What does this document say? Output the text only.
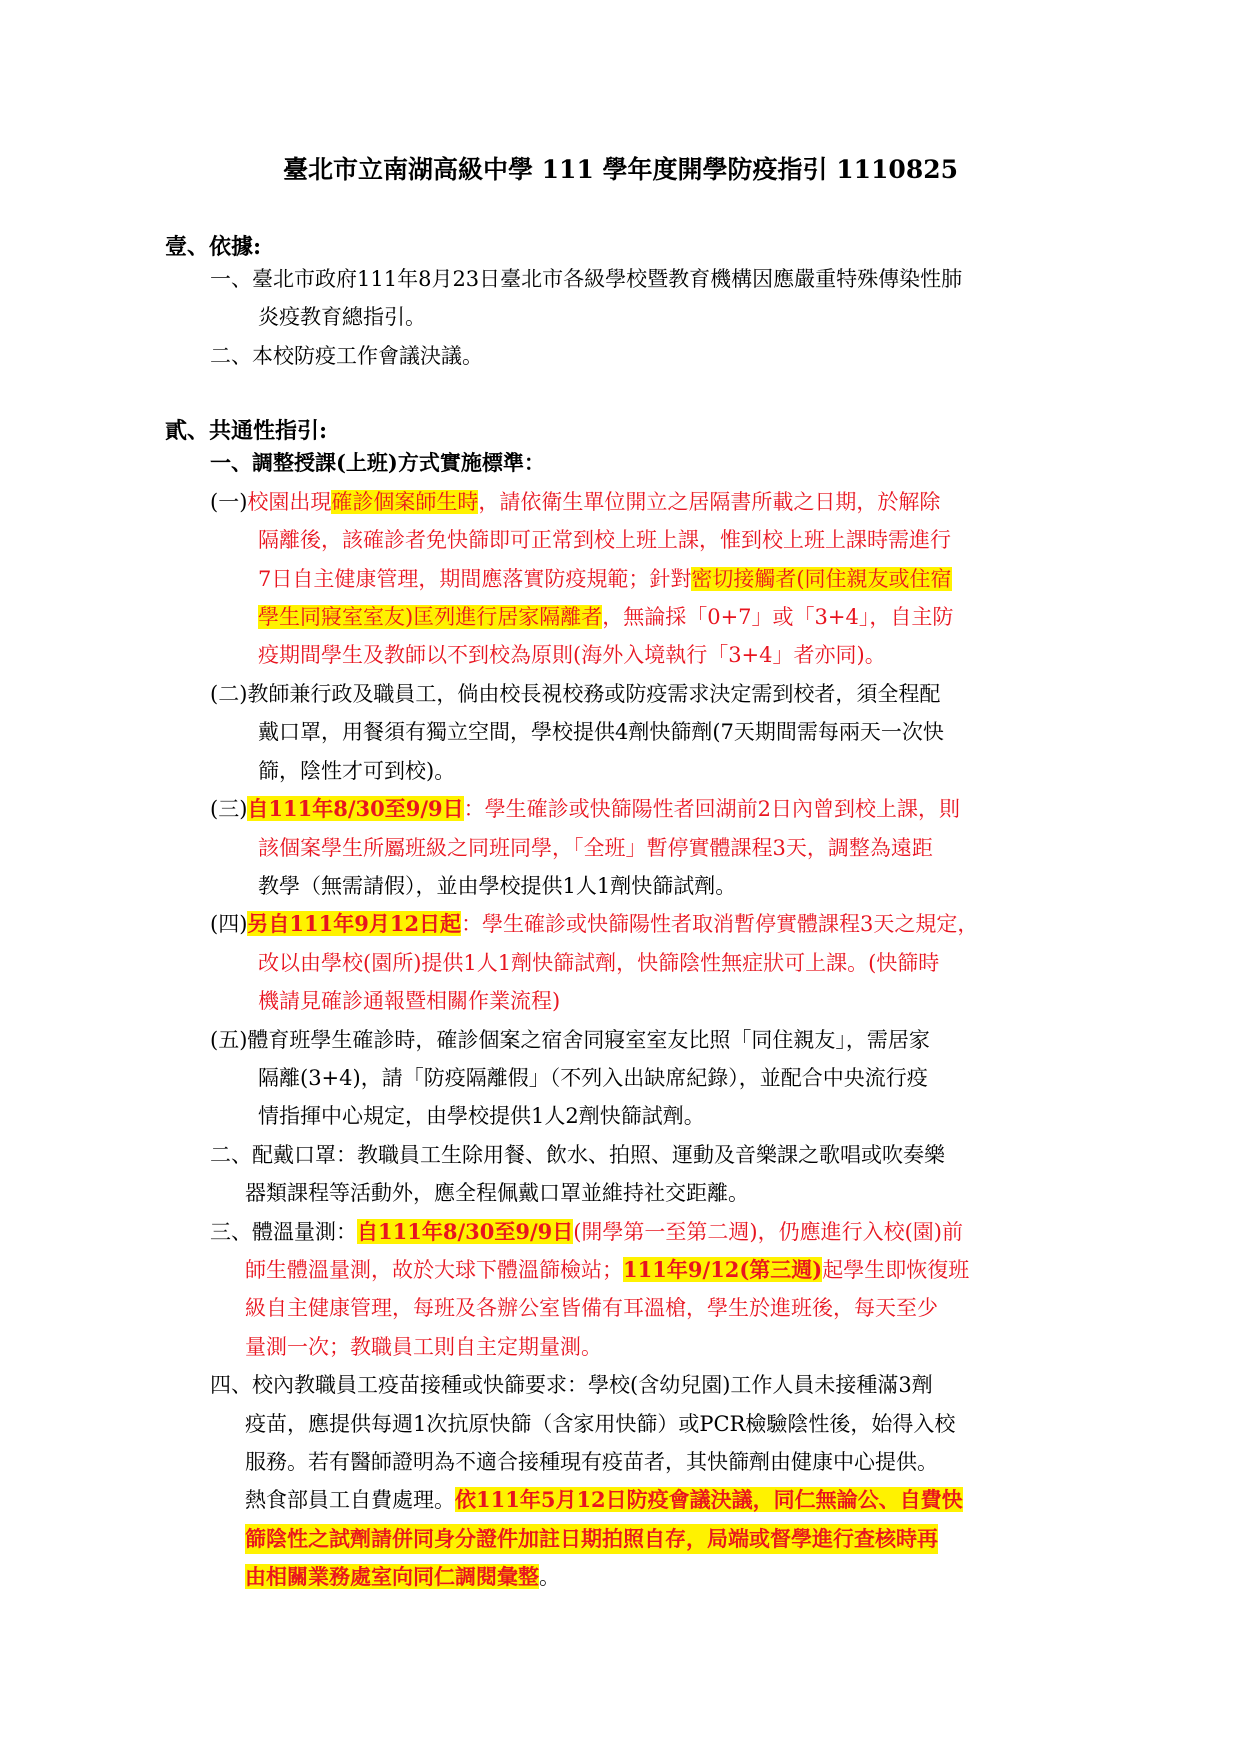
臺北市立南湖高級中學 111 學年度開學防疫指引 1110825
壹、依據:
一、臺北市政府111年8月23日臺北市各級學校暨教育機構因應嚴重特殊傳染性肺
炎疫教育總指引。
二、本校防疫工作會議決議。
貳、共通性指引:
一、調整授課(上班)方式實施標準：
(一)校園出現確診個案師生時，請依衛生單位開立之居隔書所載之日期，於解除
隔離後，該確診者免快篩即可正常到校上班上課，惟到校上班上課時需進行
7日自主健康管理，期間應落實防疫規範；針對密切接觸者(同住親友或住宿
學生同寢室室友)匡列進行居家隔離者，無論採「0+7」或「3+4」，自主防
疫期間學生及教師以不到校為原則(海外入境執行「3+4」者亦同)。
(二)教師兼行政及職員工，倘由校長視校務或防疫需求決定需到校者，須全程配
戴口罩，用餐須有獨立空間，學校提供4劑快篩劑(7天期間需每兩天一次快
篩，陰性才可到校)。
(三)自111年8/30至9/9日：學生確診或快篩陽性者回湖前2日內曾到校上課，則
該個案學生所屬班級之同班同學，「全班」暫停實體課程3天，調整為遠距
教學（無需請假），並由學校提供1人1劑快篩試劑。
(四)另自111年9月12日起：學生確診或快篩陽性者取消暫停實體課程3天之規定，
改以由學校(園所)提供1人1劑快篩試劑，快篩陰性無症狀可上課。(快篩時
機請見確診通報暨相關作業流程)
(五)體育班學生確診時，確診個案之宿舍同寢室室友比照「同住親友」，需居家
隔離(3+4)，請「防疫隔離假」（不列入出缺席紀錄），並配合中央流行疫
情指揮中心規定，由學校提供1人2劑快篩試劑。
二、配戴口罩：教職員工生除用餐、飲水、拍照、運動及音樂課之歌唱或吹奏樂
器類課程等活動外，應全程佩戴口罩並維持社交距離。
三、體溫量測：自111年8/30至9/9日(開學第一至第二週)，仍應進行入校(園)前
師生體溫量測，故於大球下體溫篩檢站；111年9/12(第三週)起學生即恢復班
級自主健康管理，每班及各辦公室皆備有耳溫槍，學生於進班後，每天至少
量測一次；教職員工則自主定期量測。
四、校內教職員工疫苗接種或快篩要求：學校(含幼兒園)工作人員未接種滿3劑
疫苗，應提供每週1次抗原快篩（含家用快篩）或PCR檢驗陰性後，始得入校
服務。若有醫師證明為不適合接種現有疫苗者，其快篩劑由健康中心提供。
熱食部員工自費處理。依111年5月12日防疫會議決議，同仁無論公、自費快
篩陰性之試劑請併同身分證件加註日期拍照自存，局端或督學進行查核時再
由相關業務處室向同仁調閱彙整。
